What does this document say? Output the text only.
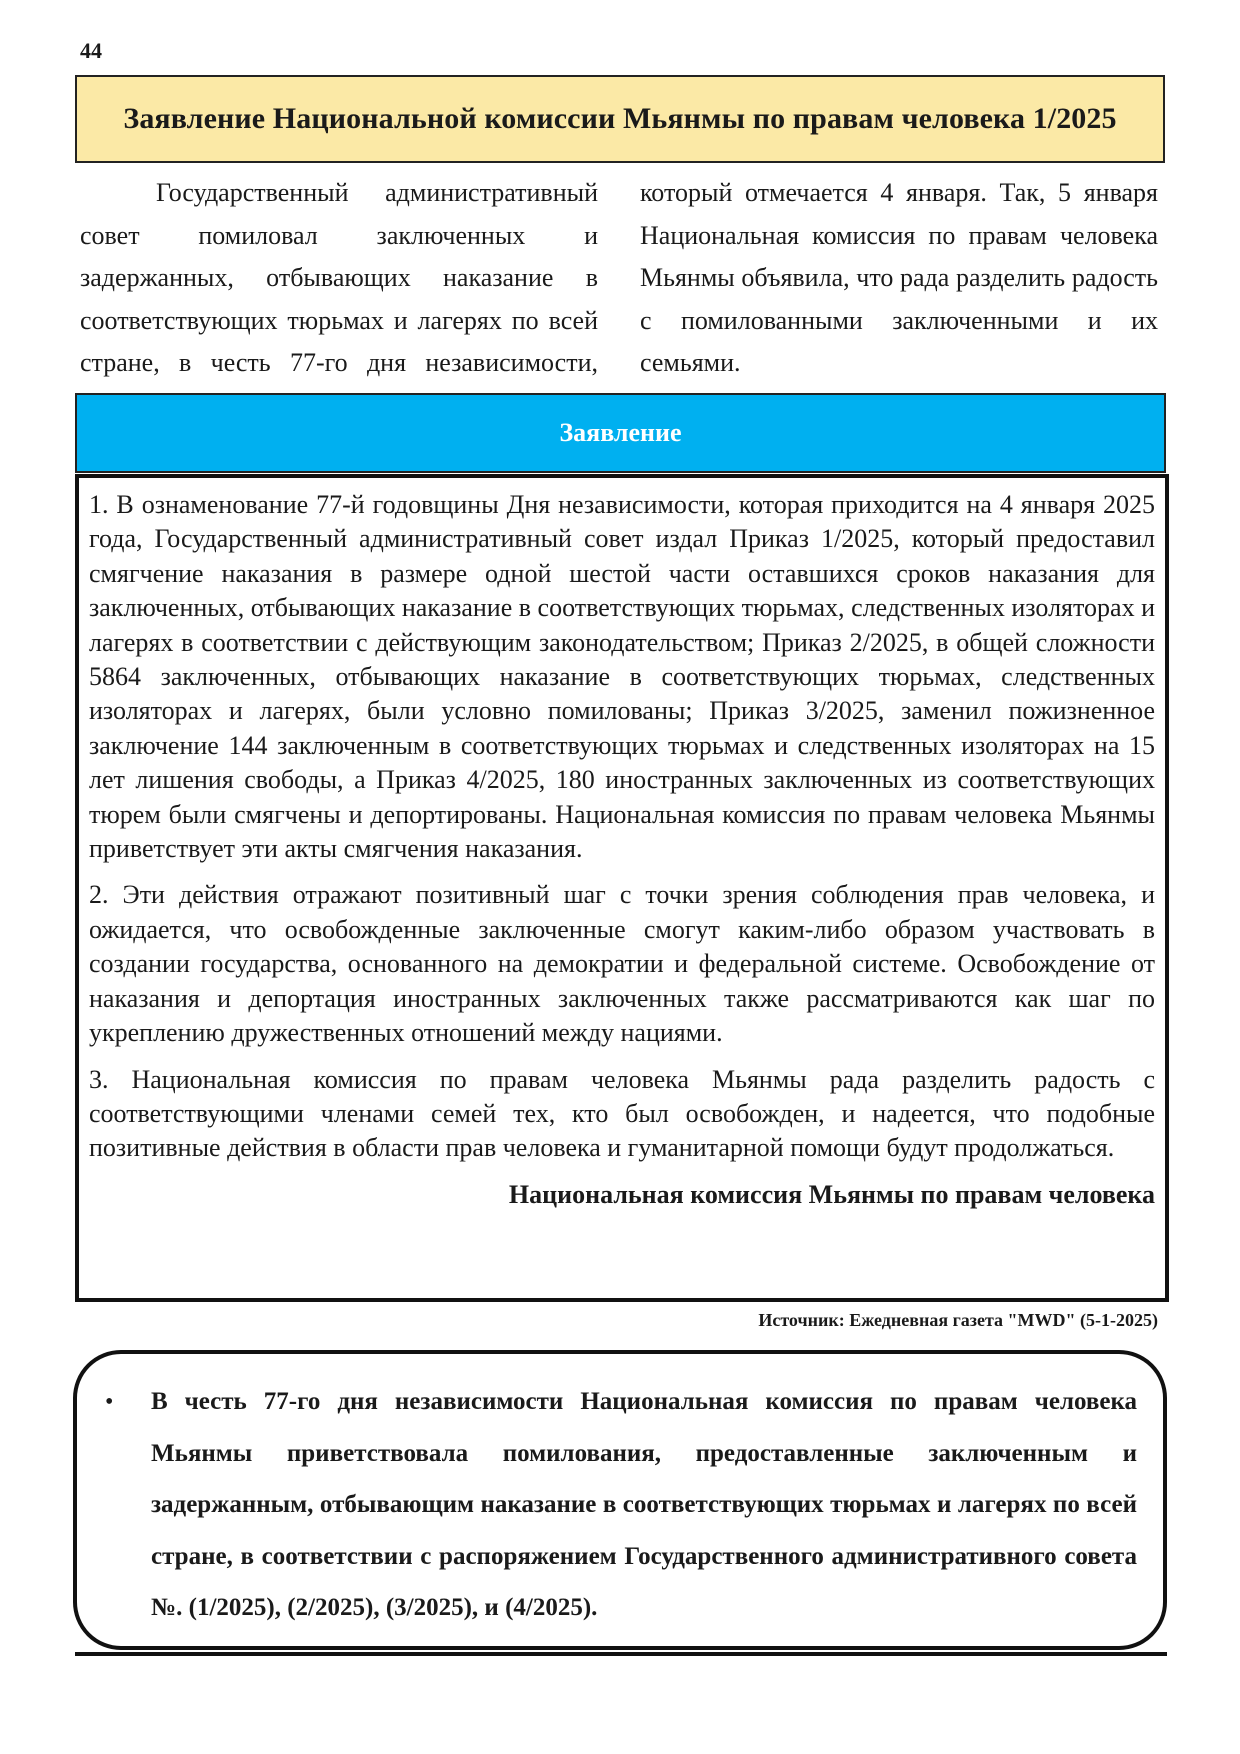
44
Заявление Национальной комиссии Мьянмы по правам человека 1/2025

Государственный административный совет помиловал заключенных и задержанных, отбывающих наказание в соответствующих тюрьмах и лагерях по всей стране, в честь 77-го дня независимости, который отмечается 4 января. Так, 5 января Национальная комиссия по правам человека Мьянмы объявила, что рада разделить радость с помилованными заключенными и их семьями.

Заявление

1. В ознаменование 77-й годовщины Дня независимости, которая приходится на 4 января 2025 года, Государственный административный совет издал Приказ 1/2025, который предоставил смягчение наказания в размере одной шестой части оставшихся сроков наказания для заключенных, отбывающих наказание в соответствующих тюрьмах, следственных изоляторах и лагерях в соответствии с действующим законодательством; Приказ 2/2025, в общей сложности 5864 заключенных, отбывающих наказание в соответствующих тюрьмах, следственных изоляторах и лагерях, были условно помилованы; Приказ 3/2025, заменил пожизненное заключение 144 заключенным в соответствующих тюрьмах и следственных изоляторах на 15 лет лишения свободы, а Приказ 4/2025, 180 иностранных заключенных из соответствующих тюрем были смягчены и депортированы. Национальная комиссия по правам человека Мьянмы приветствует эти акты смягчения наказания.

2. Эти действия отражают позитивный шаг с точки зрения соблюдения прав человека, и ожидается, что освобожденные заключенные смогут каким-либо образом участвовать в создании государства, основанного на демократии и федеральной системе. Освобождение от наказания и депортация иностранных заключенных также рассматриваются как шаг по укреплению дружественных отношений между нациями.

3. Национальная комиссия по правам человека Мьянмы рада разделить радость с соответствующими членами семей тех, кто был освобожден, и надеется, что подобные позитивные действия в области прав человека и гуманитарной помощи будут продолжаться.

Национальная комиссия Мьянмы по правам человека
Источник: Ежедневная газета "MWD" (5-1-2025)
•	В честь 77-го дня независимости Национальная комиссия по правам человека Мьянмы приветствовала помилования, предоставленные заключенным и задержанным, отбывающим наказание в соответствующих тюрьмах и лагерях по всей стране, в соответствии с распоряжением Государственного административного совета №. (1/2025), (2/2025), (3/2025), и (4/2025).
